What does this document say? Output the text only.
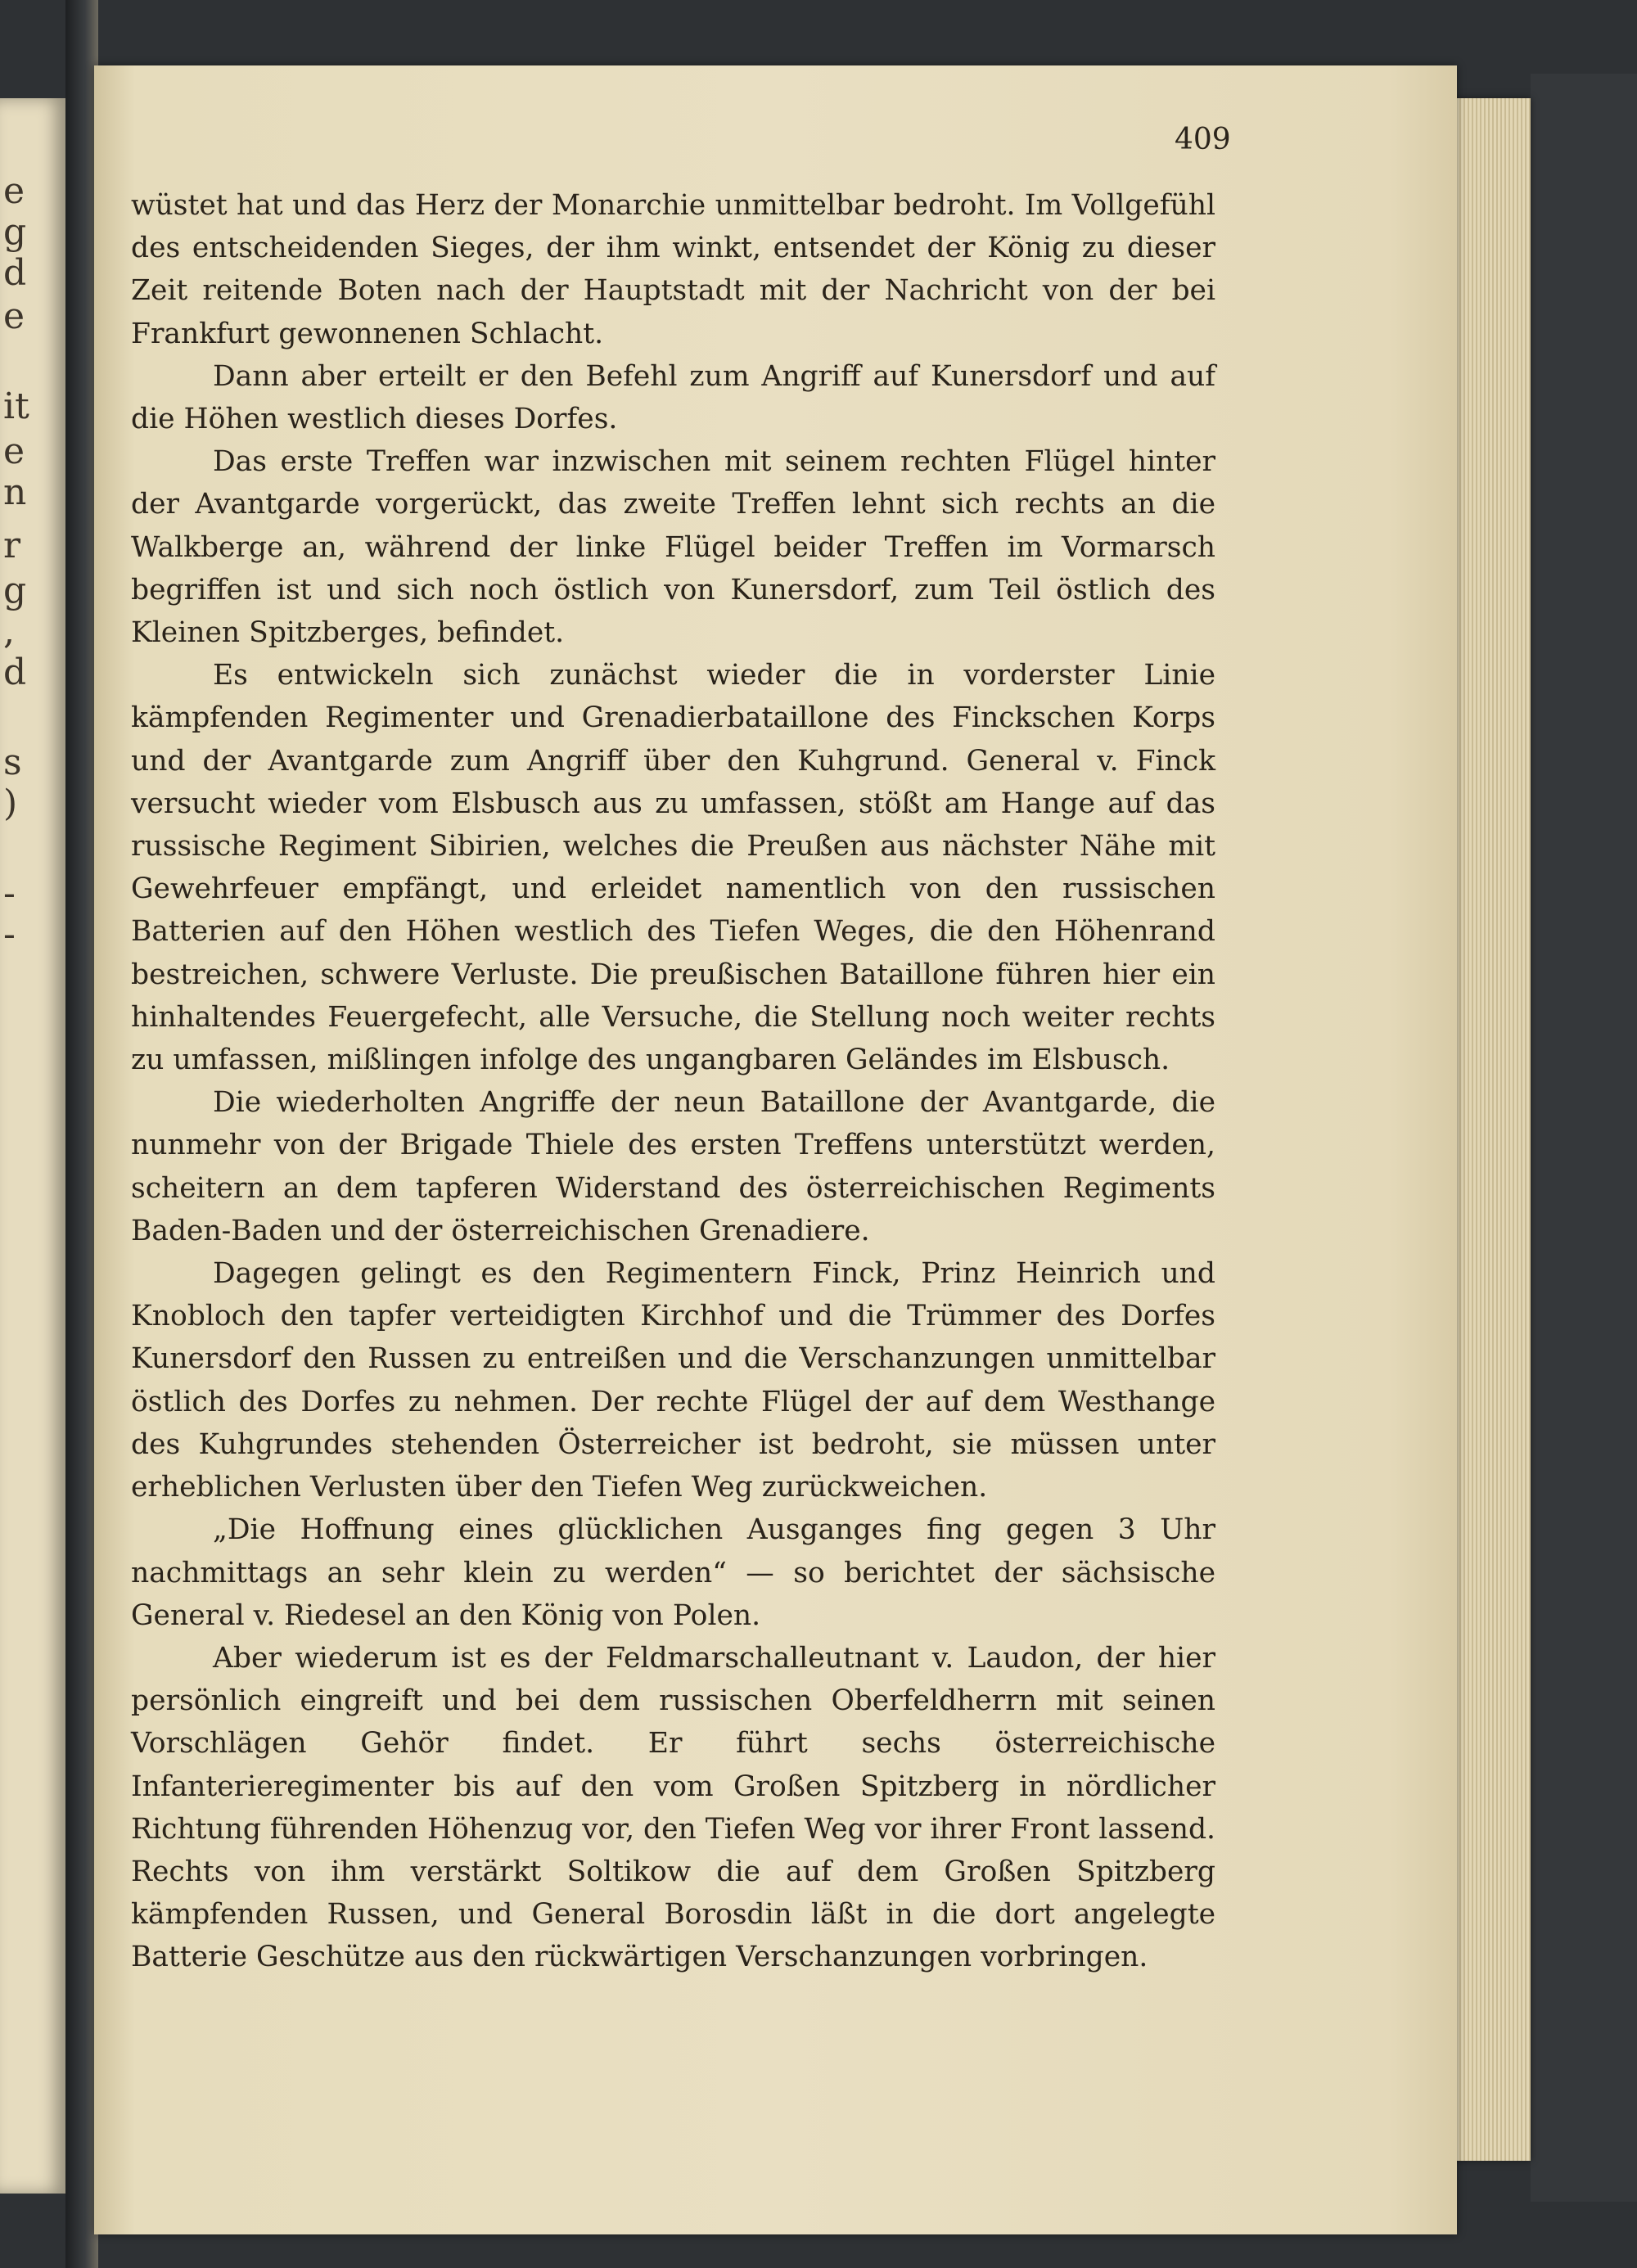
e
g
d
e
it
e
n
r
g
,
d
s
)
-
-
409

wüstet hat und das Herz der Monarchie unmittelbar bedroht. Im Vollgefühl des entscheidenden Sieges, der ihm winkt, entsendet der König zu dieser Zeit reitende Boten nach der Hauptstadt mit der Nachricht von der bei Frankfurt gewonnenen Schlacht.

Dann aber erteilt er den Befehl zum Angriff auf Kunersdorf und auf die Höhen westlich dieses Dorfes.

Das erste Treffen war inzwischen mit seinem rechten Flügel hinter der Avantgarde vorgerückt, das zweite Treffen lehnt sich rechts an die Walkberge an, während der linke Flügel beider Treffen im Vormarsch begriffen ist und sich noch östlich von Kunersdorf, zum Teil östlich des Kleinen Spitzberges, befindet.

Es entwickeln sich zunächst wieder die in vorderster Linie kämpfenden Regimenter und Grenadierbataillone des Finckschen Korps und der Avantgarde zum Angriff über den Kuhgrund. General v. Finck versucht wieder vom Elsbusch aus zu umfassen, stößt am Hange auf das russische Regiment Sibirien, welches die Preußen aus nächster Nähe mit Gewehrfeuer empfängt, und erleidet namentlich von den russischen Batterien auf den Höhen westlich des Tiefen Weges, die den Höhenrand bestreichen, schwere Verluste. Die preußischen Bataillone führen hier ein hinhaltendes Feuergefecht, alle Versuche, die Stellung noch weiter rechts zu umfassen, mißlingen infolge des ungangbaren Geländes im Elsbusch.

Die wiederholten Angriffe der neun Bataillone der Avantgarde, die nunmehr von der Brigade Thiele des ersten Treffens unterstützt werden, scheitern an dem tapferen Widerstand des österreichischen Regiments Baden-Baden und der österreichischen Grenadiere.

Dagegen gelingt es den Regimentern Finck, Prinz Heinrich und Knobloch den tapfer verteidigten Kirchhof und die Trümmer des Dorfes Kunersdorf den Russen zu entreißen und die Verschanzungen unmittelbar östlich des Dorfes zu nehmen. Der rechte Flügel der auf dem Westhange des Kuhgrundes stehenden Österreicher ist bedroht, sie müssen unter erheblichen Verlusten über den Tiefen Weg zurückweichen.

„Die Hoffnung eines glücklichen Ausganges fing gegen 3 Uhr nachmittags an sehr klein zu werden“ — so berichtet der sächsische General v. Riedesel an den König von Polen.

Aber wiederum ist es der Feldmarschalleutnant v. Laudon, der hier persönlich eingreift und bei dem russischen Oberfeldherrn mit seinen Vorschlägen Gehör findet. Er führt sechs österreichische Infanterieregimenter bis auf den vom Großen Spitzberg in nördlicher Richtung führenden Höhenzug vor, den Tiefen Weg vor ihrer Front lassend. Rechts von ihm verstärkt Soltikow die auf dem Großen Spitzberg kämpfenden Russen, und General Borosdin läßt in die dort angelegte Batterie Geschütze aus den rückwärtigen Verschanzungen vorbringen.
